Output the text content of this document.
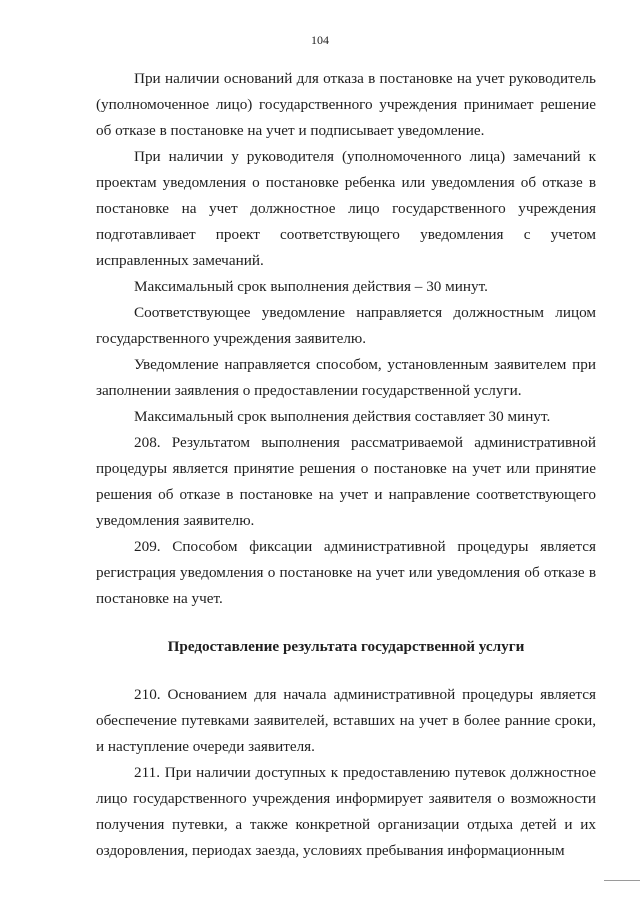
104

При наличии оснований для отказа в постановке на учет руководитель (уполномоченное лицо) государственного учреждения принимает решение об отказе в постановке на учет и подписывает уведомление.

При наличии у руководителя (уполномоченного лица) замечаний к проектам уведомления о постановке ребенка или уведомления об отказе в постановке на учет должностное лицо государственного учреждения подготавливает проект соответствующего уведомления с учетом исправленных замечаний.

Максимальный срок выполнения действия – 30 минут.

Соответствующее уведомление направляется должностным лицом государственного учреждения заявителю.

Уведомление направляется способом, установленным заявителем при заполнении заявления о предоставлении государственной услуги.

Максимальный срок выполнения действия составляет 30 минут.

208. Результатом выполнения рассматриваемой административной процедуры является принятие решения о постановке на учет или принятие решения об отказе в постановке на учет и направление соответствующего уведомления заявителю.

209. Способом фиксации административной процедуры является регистрация уведомления о постановке на учет или уведомления об отказе в постановке на учет.

Предоставление результата государственной услуги

210. Основанием для начала административной процедуры является обеспечение путевками заявителей, вставших на учет в более ранние сроки, и наступление очереди заявителя.

211. При наличии доступных к предоставлению путевок должностное лицо государственного учреждения информирует заявителя о возможности получения путевки, а также конкретной организации отдыха детей и их оздоровления, периодах заезда, условиях пребывания информационным
